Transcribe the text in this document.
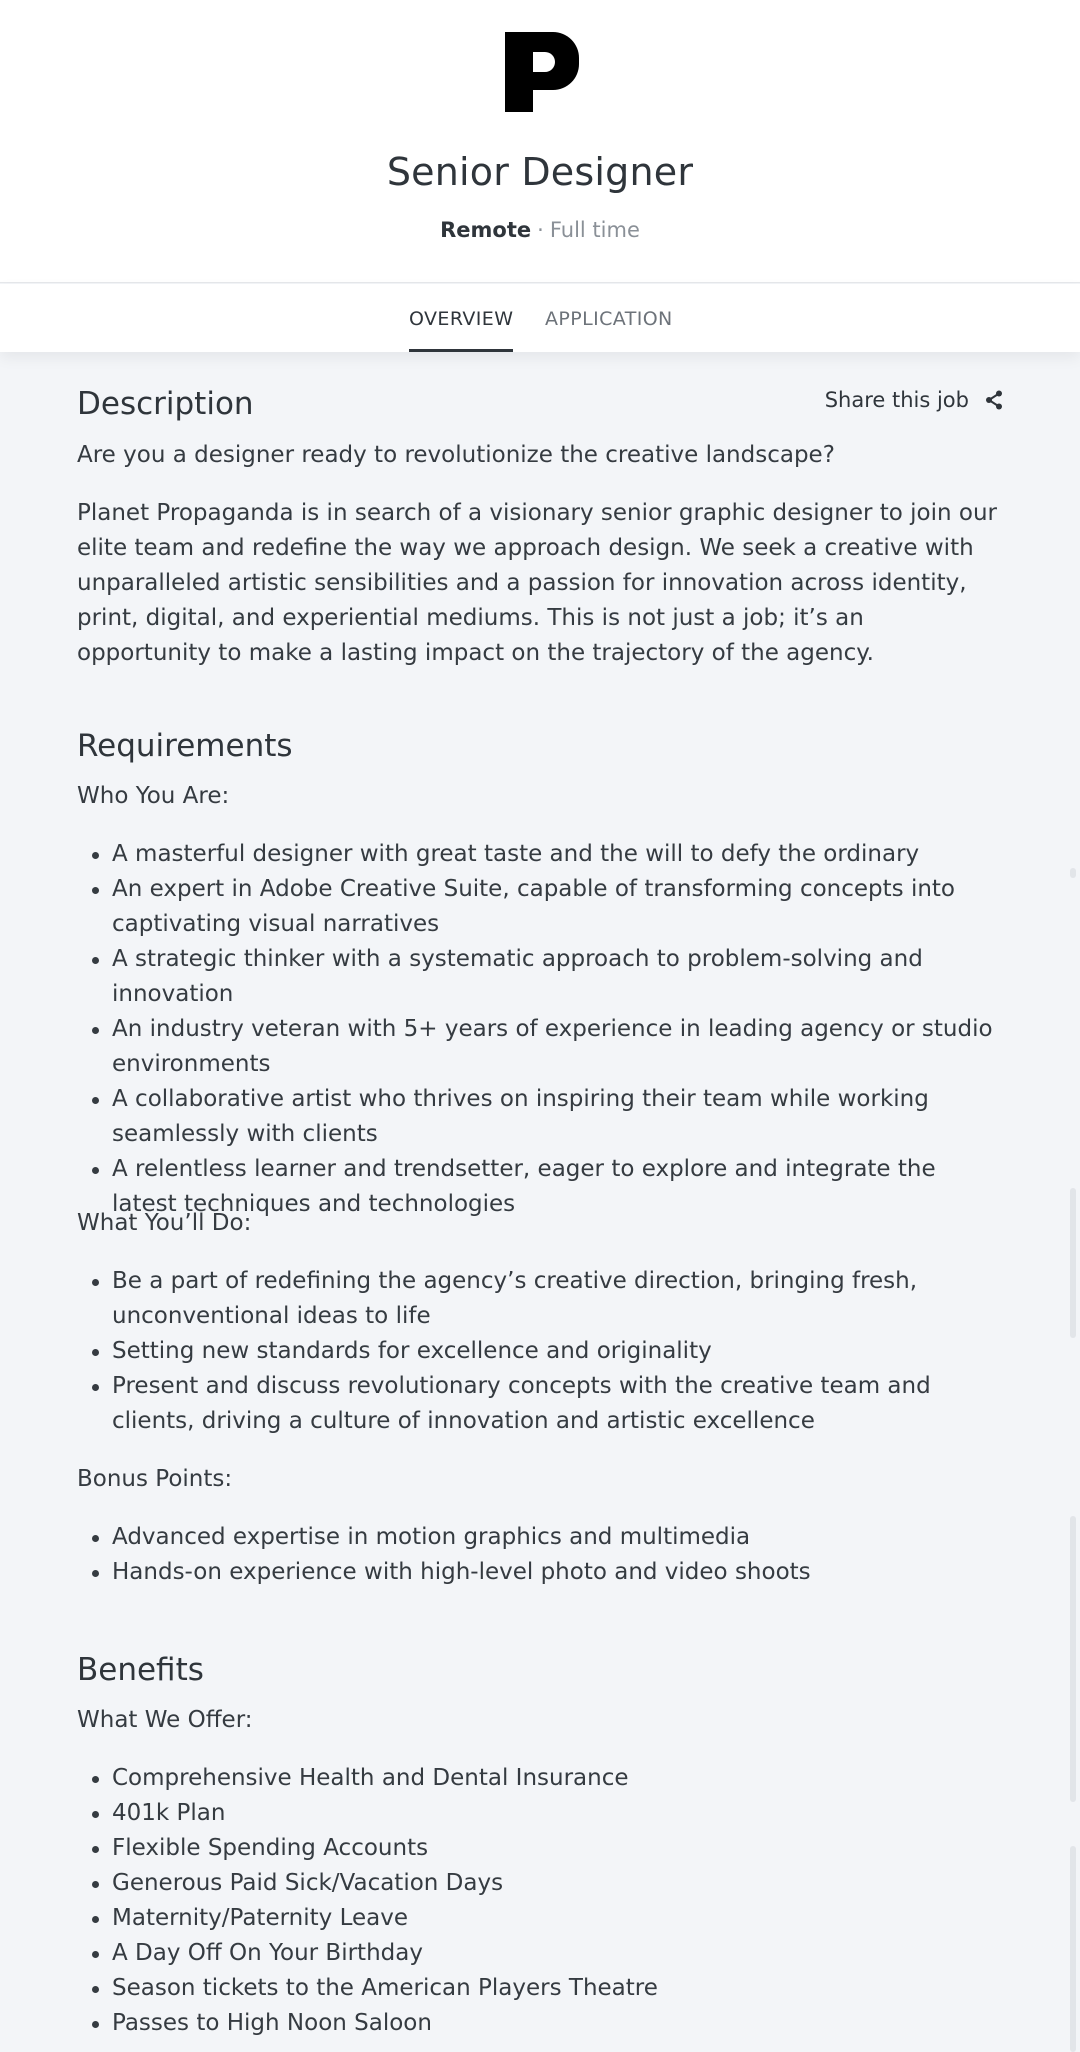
Senior Designer
Remote · Full time
OVERVIEW APPLICATION
Description	Share this job
Are you a designer ready to revolutionize the creative landscape?
Planet Propaganda is in search of a visionary senior graphic designer to join our elite team and redefine the way we approach design. We seek a creative with unparalleled artistic sensibilities and a passion for innovation across identity, print, digital, and experiential mediums. This is not just a job; it’s an opportunity to make a lasting impact on the trajectory of the agency.
Requirements
Who You Are:
A masterful designer with great taste and the will to defy the ordinary
An expert in Adobe Creative Suite, capable of transforming concepts into captivating visual narratives
A strategic thinker with a systematic approach to problem-solving and innovation
An industry veteran with 5+ years of experience in leading agency or studio environments
A collaborative artist who thrives on inspiring their team while working seamlessly with clients
A relentless learner and trendsetter, eager to explore and integrate the latest techniques and technologies
What You’ll Do:
Be a part of redefining the agency’s creative direction, bringing fresh, unconventional ideas to life
Setting new standards for excellence and originality
Present and discuss revolutionary concepts with the creative team and clients, driving a culture of innovation and artistic excellence
Bonus Points:
Advanced expertise in motion graphics and multimedia
Hands-on experience with high-level photo and video shoots
Benefits
What We Offer:
Comprehensive Health and Dental Insurance
401k Plan
Flexible Spending Accounts
Generous Paid Sick/Vacation Days
Maternity/Paternity Leave
A Day Off On Your Birthday
Season tickets to the American Players Theatre
Passes to High Noon Saloon
